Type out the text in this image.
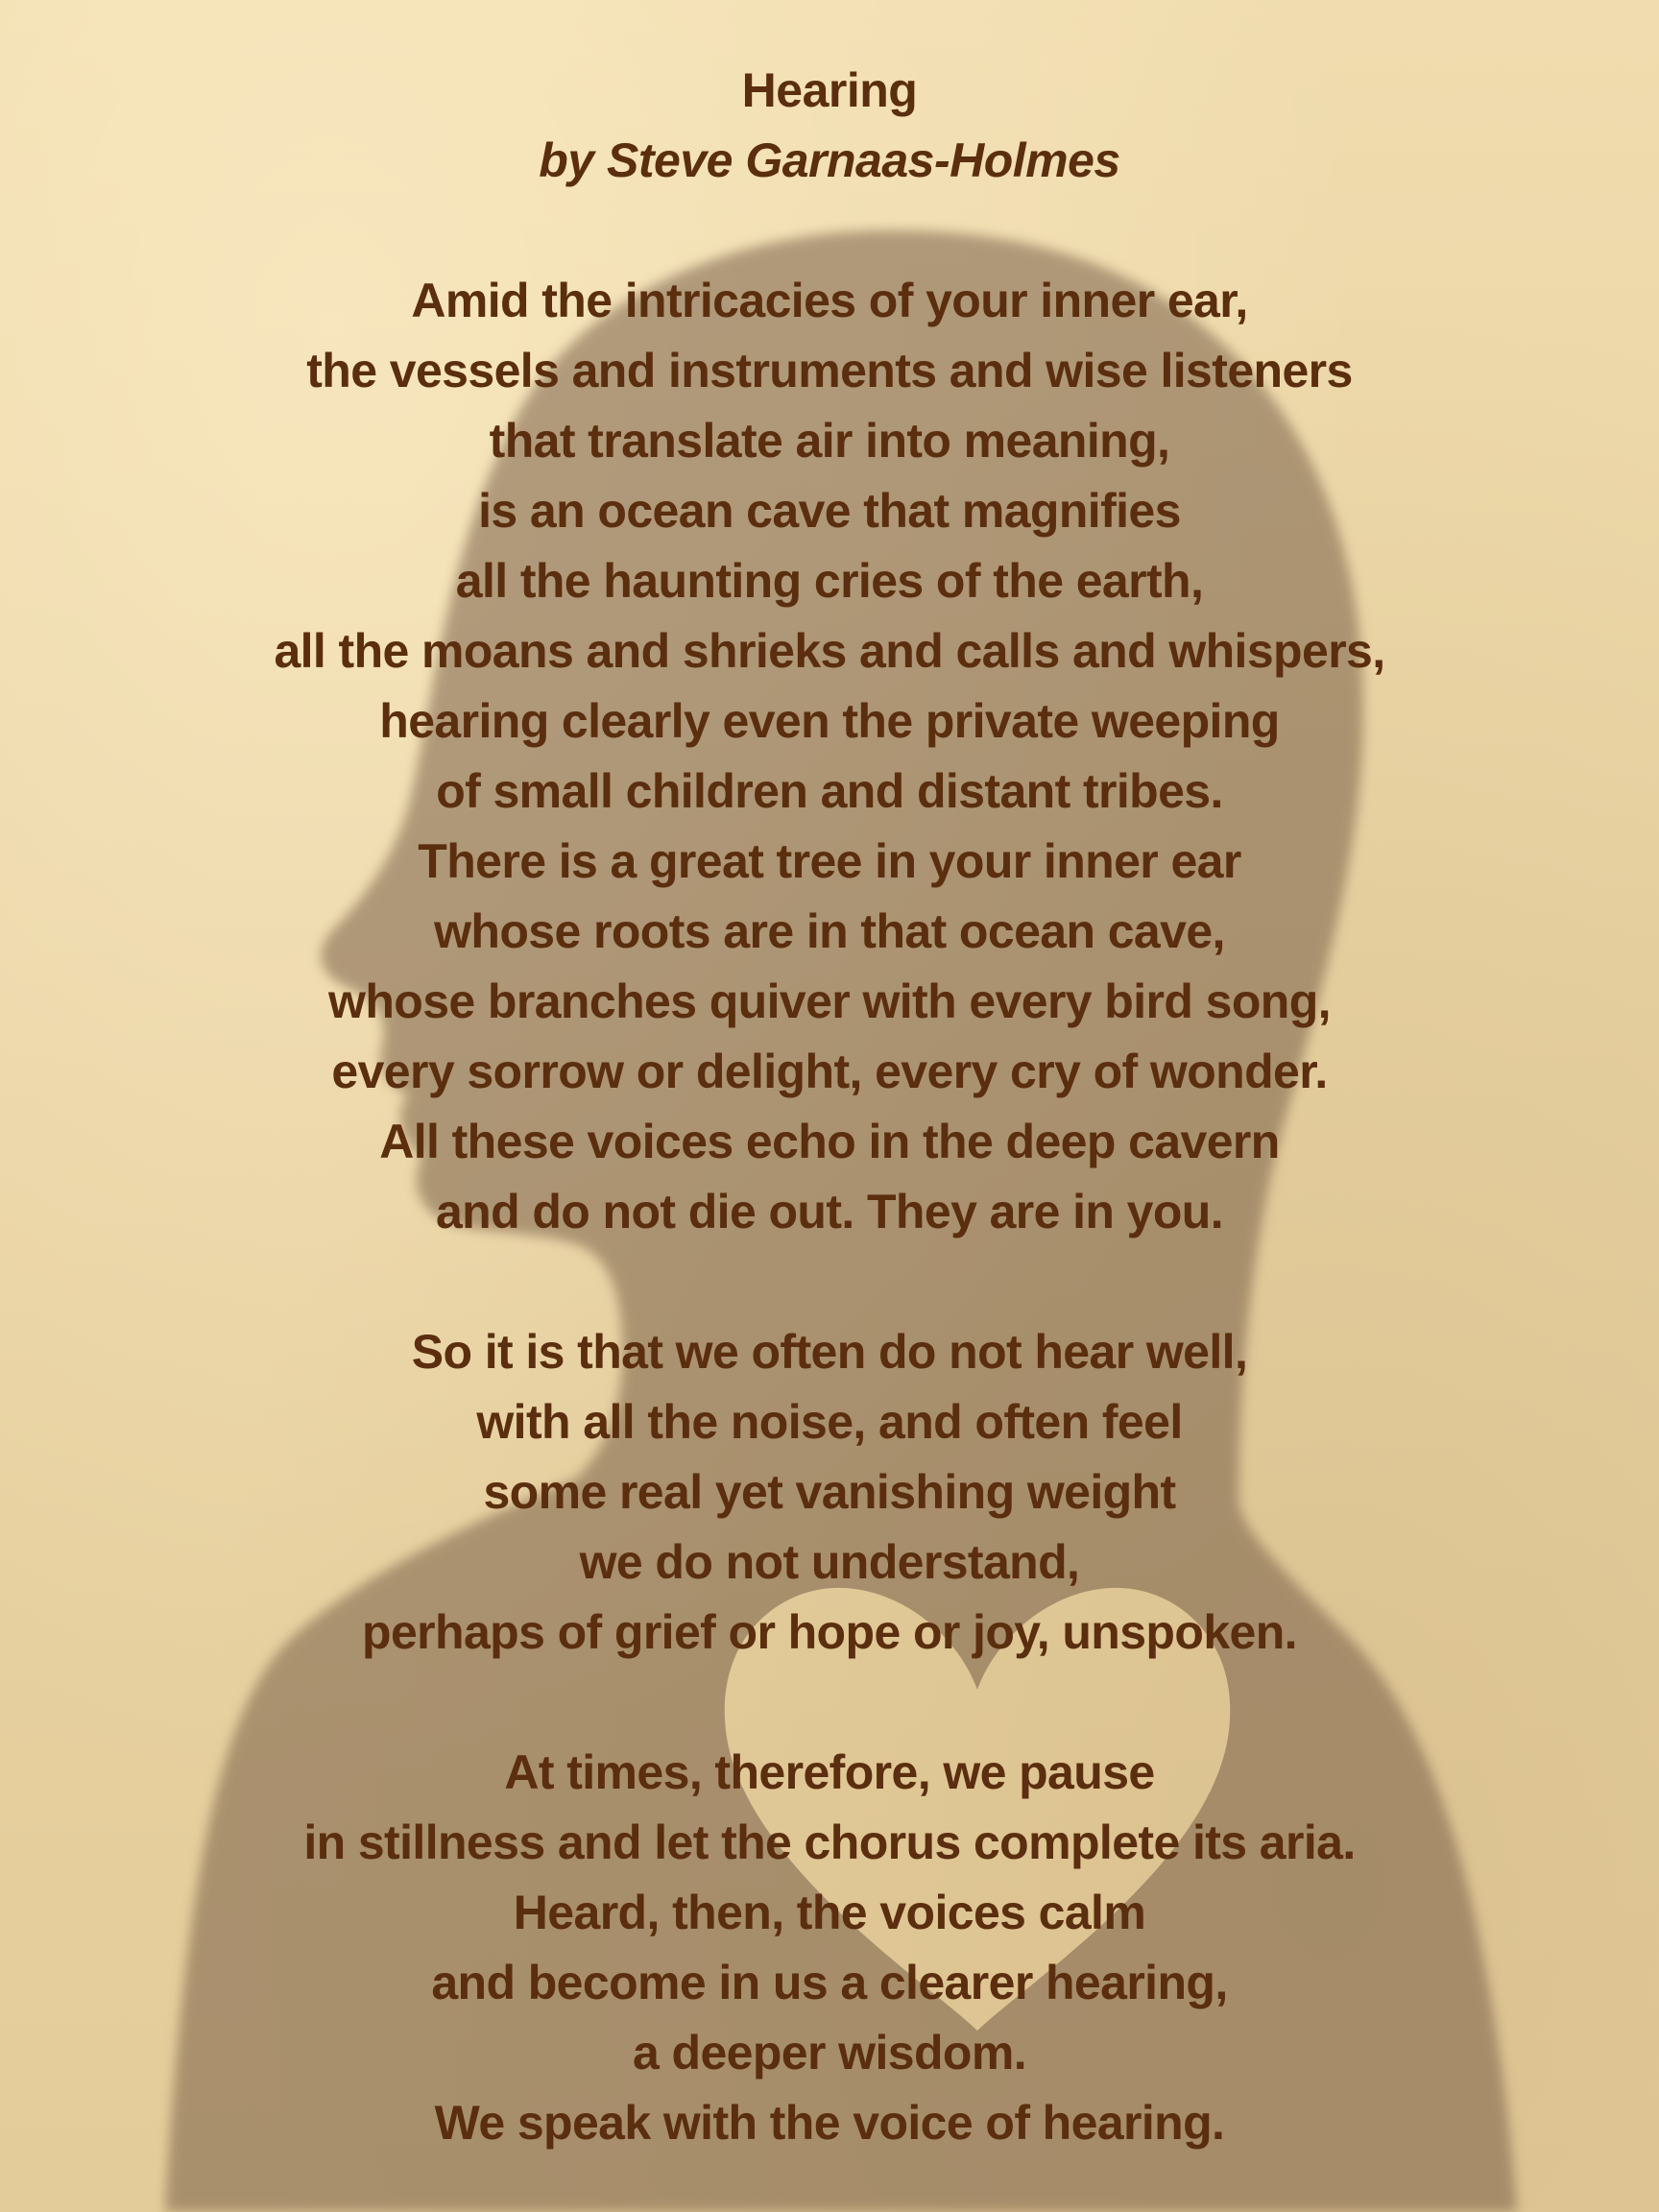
Hearing
by Steve Garnaas-Holmes
Amid the intricacies of your inner ear,
the vessels and instruments and wise listeners
that translate air into meaning,
is an ocean cave that magnifies
all the haunting cries of the earth,
all the moans and shrieks and calls and whispers,
hearing clearly even the private weeping
of small children and distant tribes.
There is a great tree in your inner ear
whose roots are in that ocean cave,
whose branches quiver with every bird song,
every sorrow or delight, every cry of wonder.
All these voices echo in the deep cavern
and do not die out. They are in you.
So it is that we often do not hear well,
with all the noise, and often feel
some real yet vanishing weight
we do not understand,
perhaps of grief or hope or joy, unspoken.
At times, therefore, we pause
in stillness and let the chorus complete its aria.
Heard, then, the voices calm
and become in us a clearer hearing,
a deeper wisdom.
We speak with the voice of hearing.
